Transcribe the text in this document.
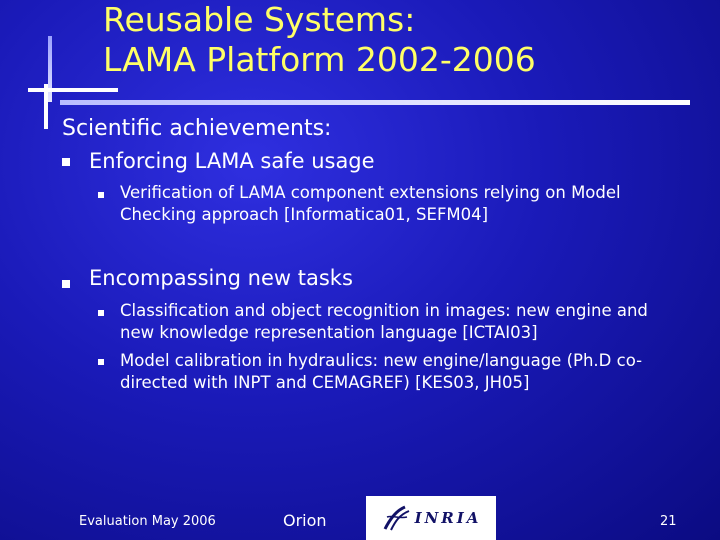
Reusable Systems:
LAMA Platform 2002-2006
Scientific achievements:
Enforcing LAMA safe usage
Verification of LAMA component extensions relying on Model
Checking approach [Informatica01, SEFM04]
Encompassing new tasks
Classification and object recognition in images: new engine and
new knowledge representation language [ICTAI03]
Model calibration in hydraulics: new engine/language (Ph.D co-
directed with INPT and CEMAGREF) [KES03, JH05]
Evaluation May 2006	Orion	INRIA	21
